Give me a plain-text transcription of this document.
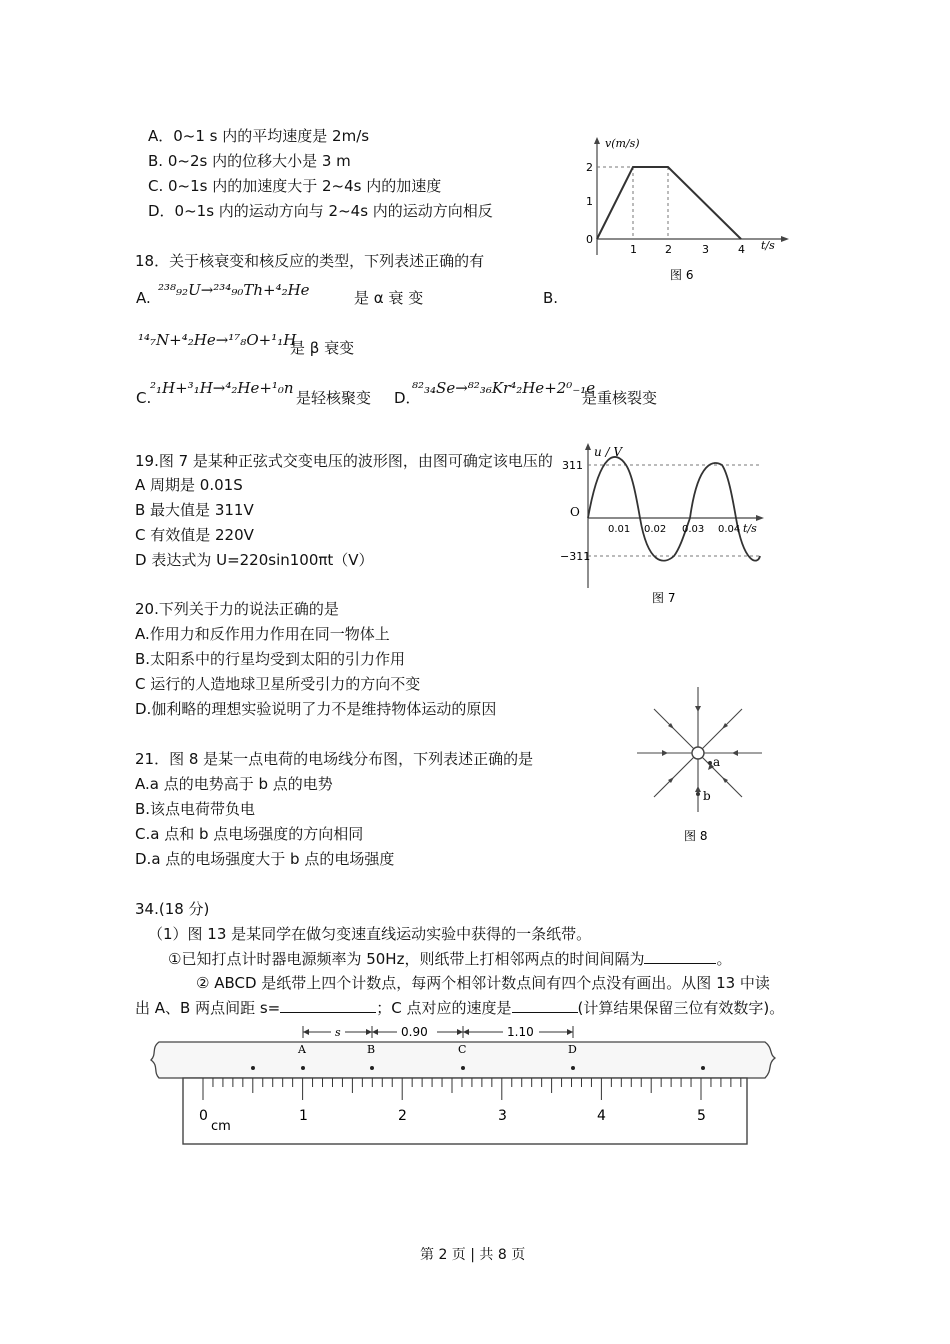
A．0~1 s 内的平均速度是 2m/s
B. 0~2s 内的位移大小是 3 m
C. 0~1s 内的加速度大于 2~4s 内的加速度
D．0~1s 内的运动方向与 2~4s 内的运动方向相反
v(m/s)
2
1
0
1	2	3	4 t/s
图 6
18．关于核衰变和核反应的类型，下列表述正确的有
A. ²³⁸₉₂U→²³⁴₉₀Th+⁴₂He	是 α 衰 变	B.
¹⁴₇N+⁴₂He→¹⁷₈O+¹₁H
是 β 衰变
C.
²₁H+³₁H→⁴₂He+¹₀n
是轻核聚变 D．
⁸²₃₄Se→⁸²₃₆Kr⁴₂He+2⁰₋₁e
是重核裂变
19.图 7 是某种正弦式交变电压的波形图，由图可确定该电压的
A 周期是 0.01S
B 最大值是 311V
C 有效值是 220V
D 表达式为 U=220sin100πt（V）
u / V
311
O
−311
0.01 0.02 0.03 0.04 t/s
图 7
20.下列关于力的说法正确的是
A.作用力和反作用力作用在同一物体上
B.太阳系中的行星均受到太阳的引力作用
C 运行的人造地球卫星所受引力的方向不变
D.伽利略的理想实验说明了力不是维持物体运动的原因
a
b
图 8
21．图 8 是某一点电荷的电场线分布图，下列表述正确的是
A.a 点的电势高于 b 点的电势
B.该点电荷带负电
C.a 点和 b 点电场强度的方向相同
D.a 点的电场强度大于 b 点的电场强度
34.(18 分)
（1）图 13 是某同学在做匀变速直线运动实验中获得的一条纸带。
①已知打点计时器电源频率为 50Hz，则纸带上打相邻两点的时间间隔为	。
② ABCD 是纸带上四个计数点，每两个相邻计数点间有四个点没有画出。从图 13 中读
出 A、B 两点间距 s=	；C 点对应的速度是	(计算结果保留三位有效数字)。
s	0.90	1.10
A	B	C	D
0	1	2	3	4	5
cm
第 2 页 | 共 8 页
